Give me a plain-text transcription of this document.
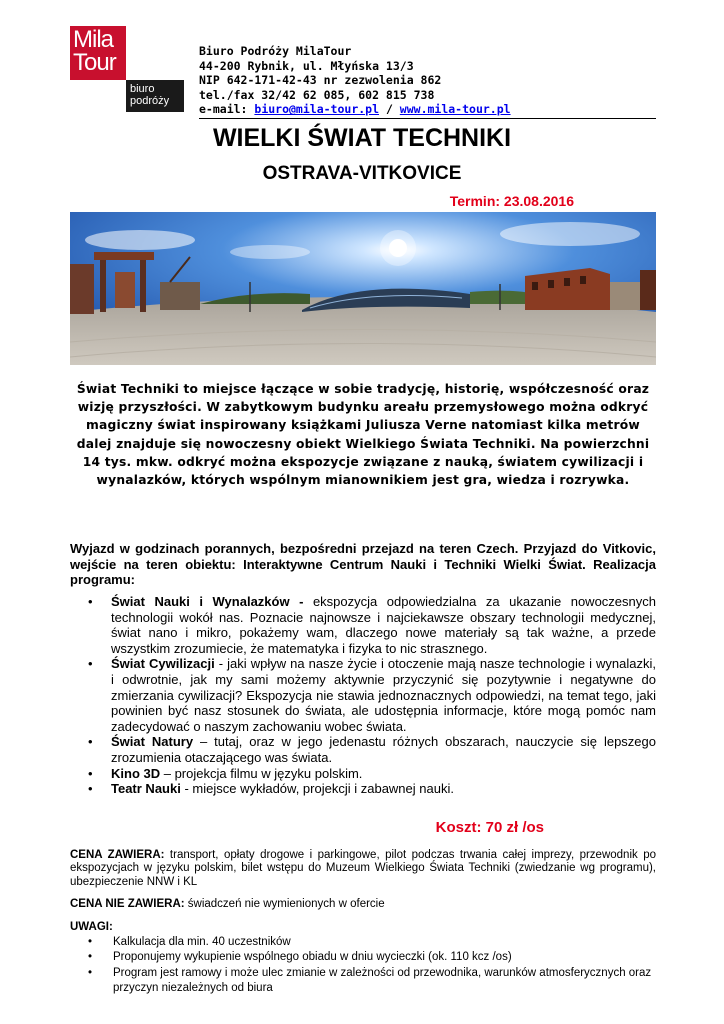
Mila
Tour
biuro
podróży
Biuro Podróży MilaTour
44-200 Rybnik, ul. Młyńska 13/3
NIP 642-171-42-43 nr zezwolenia 862
tel./fax 32/42 62 085, 602 815 738
e-mail: biuro@mila-tour.pl / www.mila-tour.pl
WIELKI ŚWIAT TECHNIKI
OSTRAVA-VITKOVICE
Termin: 23.08.2016
Świat Techniki to miejsce łączące w sobie tradycję, historię, współczesność oraz wizję przyszłości. W zabytkowym budynku areału przemysłowego można odkryć magiczny świat inspirowany książkami Juliusza Verne natomiast kilka metrów dalej znajduje się nowoczesny obiekt Wielkiego Świata Techniki. Na powierzchni 14 tys. mkw. odkryć można ekspozycje związane z nauką, światem cywilizacji i wynalazków, których wspólnym mianownikiem jest gra, wiedza i rozrywka.
Wyjazd w godzinach porannych, bezpośredni przejazd na teren Czech. Przyjazd do Vitkovic, wejście na teren obiektu: Interaktywne Centrum Nauki i Techniki Wielki Świat. Realizacja programu:
• Świat Nauki i Wynalazków - ekspozycja odpowiedzialna za ukazanie nowoczesnych technologii wokół nas. Poznacie najnowsze i najciekawsze obszary technologii medycznej, świat nano i mikro, pokażemy wam, dlaczego nowe materiały są tak ważne, a przede wszystkim zrozumiecie, że matematyka i fizyka to nic strasznego.
• Świat Cywilizacji - jaki wpływ na nasze życie i otoczenie mają nasze technologie i wynalazki, i odwrotnie, jak my sami możemy aktywnie przyczynić się pozytywnie i negatywne do zmierzania cywilizacji? Ekspozycja nie stawia jednoznacznych odpowiedzi, na temat tego, jaki powinien być nasz stosunek do świata, ale udostępnia informacje, które mogą pomóc nam zadecydować o naszym zachowaniu wobec świata.
• Świat Natury – tutaj, oraz w jego jedenastu różnych obszarach, nauczycie się lepszego zrozumienia otaczającego was świata.
• Kino 3D – projekcja filmu w języku polskim.
• Teatr Nauki - miejsce wykładów, projekcji i zabawnej nauki.
Koszt: 70 zł /os
CENA ZAWIERA: transport, opłaty drogowe i parkingowe, pilot podczas trwania całej imprezy, przewodnik po ekspozycjach w języku polskim, bilet wstępu do Muzeum Wielkiego Świata Techniki (zwiedzanie wg programu), ubezpieczenie NNW i KL
CENA NIE ZAWIERA: świadczeń nie wymienionych w ofercie
UWAGI:
• Kalkulacja dla min. 40 uczestników
• Proponujemy wykupienie wspólnego obiadu w dniu wycieczki (ok. 110 kcz /os)
• Program jest ramowy i może ulec zmianie w zależności od przewodnika, warunków atmosferycznych oraz przyczyn niezależnych od biura
